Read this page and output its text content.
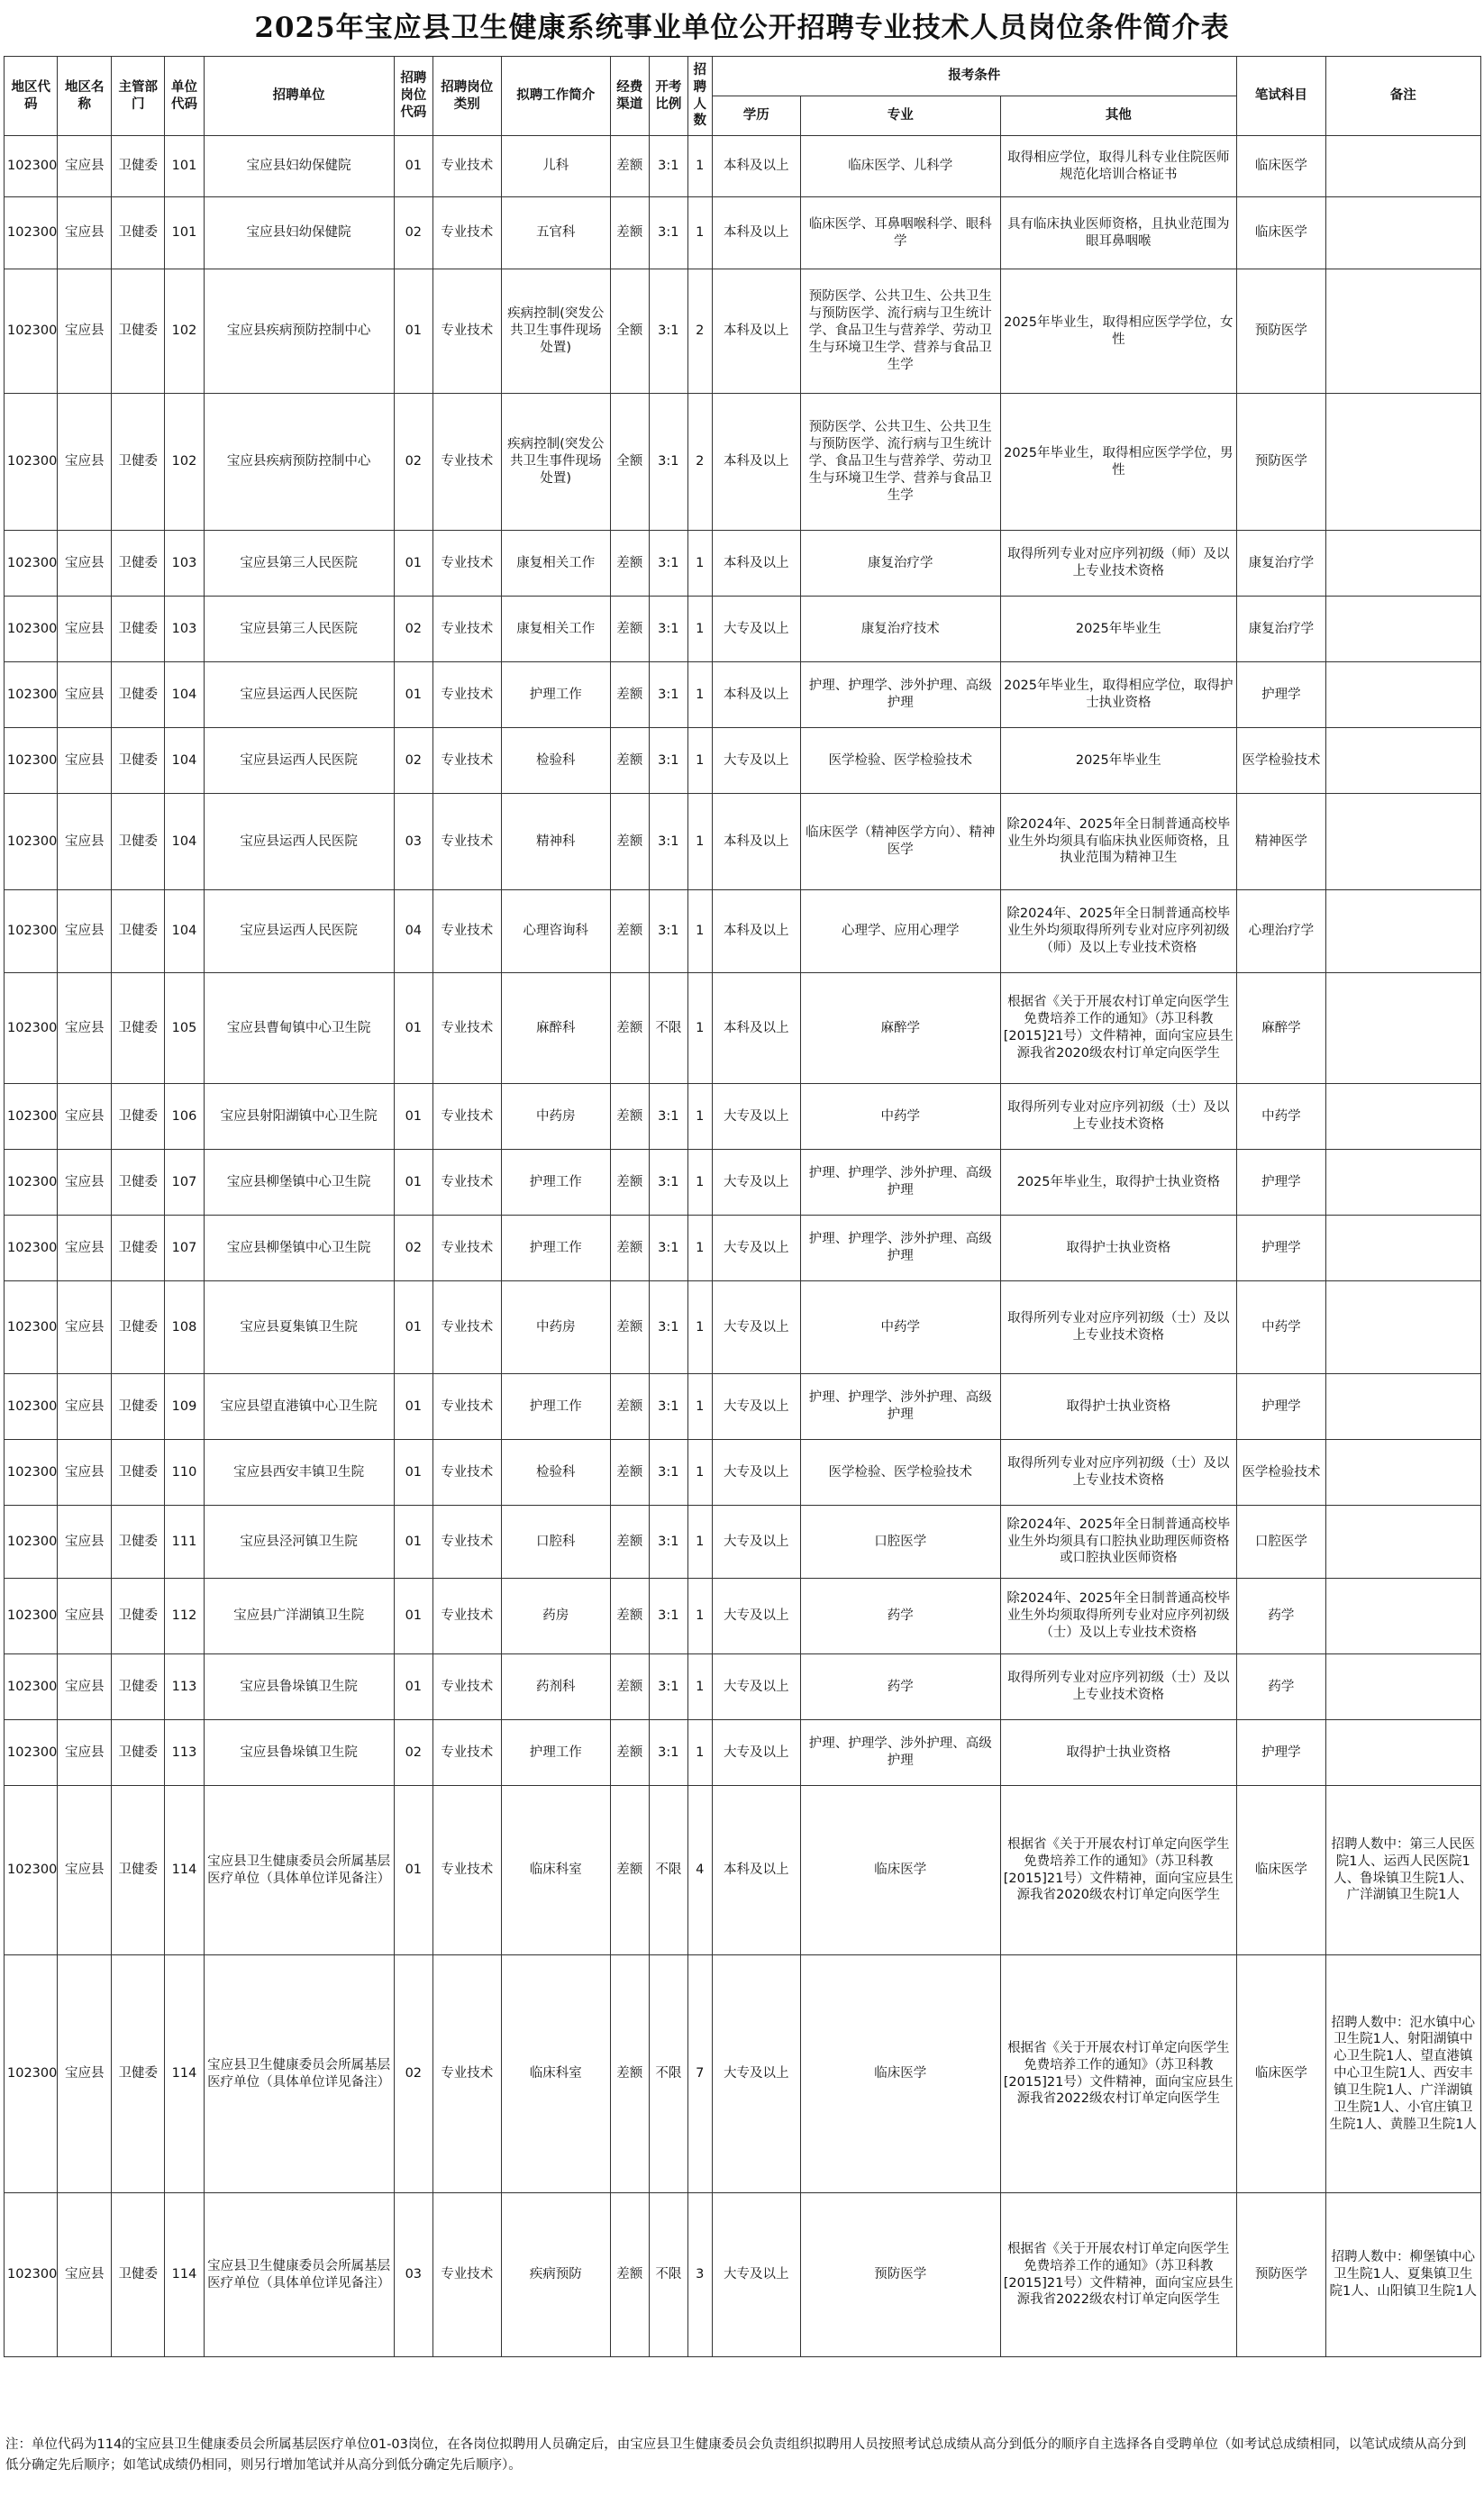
2025年宝应县卫生健康系统事业单位公开招聘专业技术人员岗位条件简介表
地区代码	地区名称	主管部门	单位代码	招聘单位	招聘岗位代码	招聘岗位类别	拟聘工作简介	经费渠道	开考比例	招聘人数	报考条件			笔试科目	备注
											学历	专业	其他		
102300	宝应县	卫健委	101	宝应县妇幼保健院	01	专业技术	儿科	差额	3:1	1	本科及以上	临床医学、儿科学	取得相应学位，取得儿科专业住院医师规范化培训合格证书	临床医学	
102300	宝应县	卫健委	101	宝应县妇幼保健院	02	专业技术	五官科	差额	3:1	1	本科及以上	临床医学、耳鼻咽喉科学、眼科学	具有临床执业医师资格，且执业范围为眼耳鼻咽喉	临床医学	
102300	宝应县	卫健委	102	宝应县疾病预防控制中心	01	专业技术	疾病控制(突发公共卫生事件现场处置)	全额	3:1	2	本科及以上	预防医学、公共卫生、公共卫生与预防医学、流行病与卫生统计学、食品卫生与营养学、劳动卫生与环境卫生学、营养与食品卫生学	2025年毕业生，取得相应医学学位，女性	预防医学	
102300	宝应县	卫健委	102	宝应县疾病预防控制中心	02	专业技术	疾病控制(突发公共卫生事件现场处置)	全额	3:1	2	本科及以上	预防医学、公共卫生、公共卫生与预防医学、流行病与卫生统计学、食品卫生与营养学、劳动卫生与环境卫生学、营养与食品卫生学	2025年毕业生，取得相应医学学位，男性	预防医学	
102300	宝应县	卫健委	103	宝应县第三人民医院	01	专业技术	康复相关工作	差额	3:1	1	本科及以上	康复治疗学	取得所列专业对应序列初级（师）及以上专业技术资格	康复治疗学	
102300	宝应县	卫健委	103	宝应县第三人民医院	02	专业技术	康复相关工作	差额	3:1	1	大专及以上	康复治疗技术	2025年毕业生	康复治疗学	
102300	宝应县	卫健委	104	宝应县运西人民医院	01	专业技术	护理工作	差额	3:1	1	本科及以上	护理、护理学、涉外护理、高级护理	2025年毕业生，取得相应学位，取得护士执业资格	护理学	
102300	宝应县	卫健委	104	宝应县运西人民医院	02	专业技术	检验科	差额	3:1	1	大专及以上	医学检验、医学检验技术	2025年毕业生	医学检验技术	
102300	宝应县	卫健委	104	宝应县运西人民医院	03	专业技术	精神科	差额	3:1	1	本科及以上	临床医学（精神医学方向）、精神医学	除2024年、2025年全日制普通高校毕业生外均须具有临床执业医师资格，且执业范围为精神卫生	精神医学	
102300	宝应县	卫健委	104	宝应县运西人民医院	04	专业技术	心理咨询科	差额	3:1	1	本科及以上	心理学、应用心理学	除2024年、2025年全日制普通高校毕业生外均须取得所列专业对应序列初级（师）及以上专业技术资格	心理治疗学	
102300	宝应县	卫健委	105	宝应县曹甸镇中心卫生院	01	专业技术	麻醉科	差额	不限	1	本科及以上	麻醉学	根据省《关于开展农村订单定向医学生免费培养工作的通知》（苏卫科教[2015]21号）文件精神，面向宝应县生源我省2020级农村订单定向医学生	麻醉学	
102300	宝应县	卫健委	106	宝应县射阳湖镇中心卫生院	01	专业技术	中药房	差额	3:1	1	大专及以上	中药学	取得所列专业对应序列初级（士）及以上专业技术资格	中药学	
102300	宝应县	卫健委	107	宝应县柳堡镇中心卫生院	01	专业技术	护理工作	差额	3:1	1	大专及以上	护理、护理学、涉外护理、高级护理	2025年毕业生，取得护士执业资格	护理学	
102300	宝应县	卫健委	107	宝应县柳堡镇中心卫生院	02	专业技术	护理工作	差额	3:1	1	大专及以上	护理、护理学、涉外护理、高级护理	取得护士执业资格	护理学	
102300	宝应县	卫健委	108	宝应县夏集镇卫生院	01	专业技术	中药房	差额	3:1	1	大专及以上	中药学	取得所列专业对应序列初级（士）及以上专业技术资格	中药学	
102300	宝应县	卫健委	109	宝应县望直港镇中心卫生院	01	专业技术	护理工作	差额	3:1	1	大专及以上	护理、护理学、涉外护理、高级护理	取得护士执业资格	护理学	
102300	宝应县	卫健委	110	宝应县西安丰镇卫生院	01	专业技术	检验科	差额	3:1	1	大专及以上	医学检验、医学检验技术	取得所列专业对应序列初级（士）及以上专业技术资格	医学检验技术	
102300	宝应县	卫健委	111	宝应县泾河镇卫生院	01	专业技术	口腔科	差额	3:1	1	大专及以上	口腔医学	除2024年、2025年全日制普通高校毕业生外均须具有口腔执业助理医师资格或口腔执业医师资格	口腔医学	
102300	宝应县	卫健委	112	宝应县广洋湖镇卫生院	01	专业技术	药房	差额	3:1	1	大专及以上	药学	除2024年、2025年全日制普通高校毕业生外均须取得所列专业对应序列初级（士）及以上专业技术资格	药学	
102300	宝应县	卫健委	113	宝应县鲁垛镇卫生院	01	专业技术	药剂科	差额	3:1	1	大专及以上	药学	取得所列专业对应序列初级（士）及以上专业技术资格	药学	
102300	宝应县	卫健委	113	宝应县鲁垛镇卫生院	02	专业技术	护理工作	差额	3:1	1	大专及以上	护理、护理学、涉外护理、高级护理	取得护士执业资格	护理学	
102300	宝应县	卫健委	114	宝应县卫生健康委员会所属基层医疗单位（具体单位详见备注）	01	专业技术	临床科室	差额	不限	4	本科及以上	临床医学	根据省《关于开展农村订单定向医学生免费培养工作的通知》（苏卫科教[2015]21号）文件精神，面向宝应县生源我省2020级农村订单定向医学生	临床医学	招聘人数中：第三人民医院1人、运西人民医院1人、鲁垛镇卫生院1人、广洋湖镇卫生院1人
102300	宝应县	卫健委	114	宝应县卫生健康委员会所属基层医疗单位（具体单位详见备注）	02	专业技术	临床科室	差额	不限	7	大专及以上	临床医学	根据省《关于开展农村订单定向医学生免费培养工作的通知》（苏卫科教[2015]21号）文件精神，面向宝应县生源我省2022级农村订单定向医学生	临床医学	招聘人数中：氾水镇中心卫生院1人、射阳湖镇中心卫生院1人、望直港镇中心卫生院1人、西安丰镇卫生院1人、广洋湖镇卫生院1人、小官庄镇卫生院1人、黄塍卫生院1人
102300	宝应县	卫健委	114	宝应县卫生健康委员会所属基层医疗单位（具体单位详见备注）	03	专业技术	疾病预防	差额	不限	3	大专及以上	预防医学	根据省《关于开展农村订单定向医学生免费培养工作的通知》（苏卫科教[2015]21号）文件精神，面向宝应县生源我省2022级农村订单定向医学生	预防医学	招聘人数中：柳堡镇中心卫生院1人、夏集镇卫生院1人、山阳镇卫生院1人
注：单位代码为114的宝应县卫生健康委员会所属基层医疗单位01-03岗位，在各岗位拟聘用人员确定后，由宝应县卫生健康委员会负责组织拟聘用人员按照考试总成绩从高分到低分的顺序自主选择各自受聘单位（如考试总成绩相同，以笔试成绩从高分到低分确定先后顺序；如笔试成绩仍相同，则另行增加笔试并从高分到低分确定先后顺序）。
